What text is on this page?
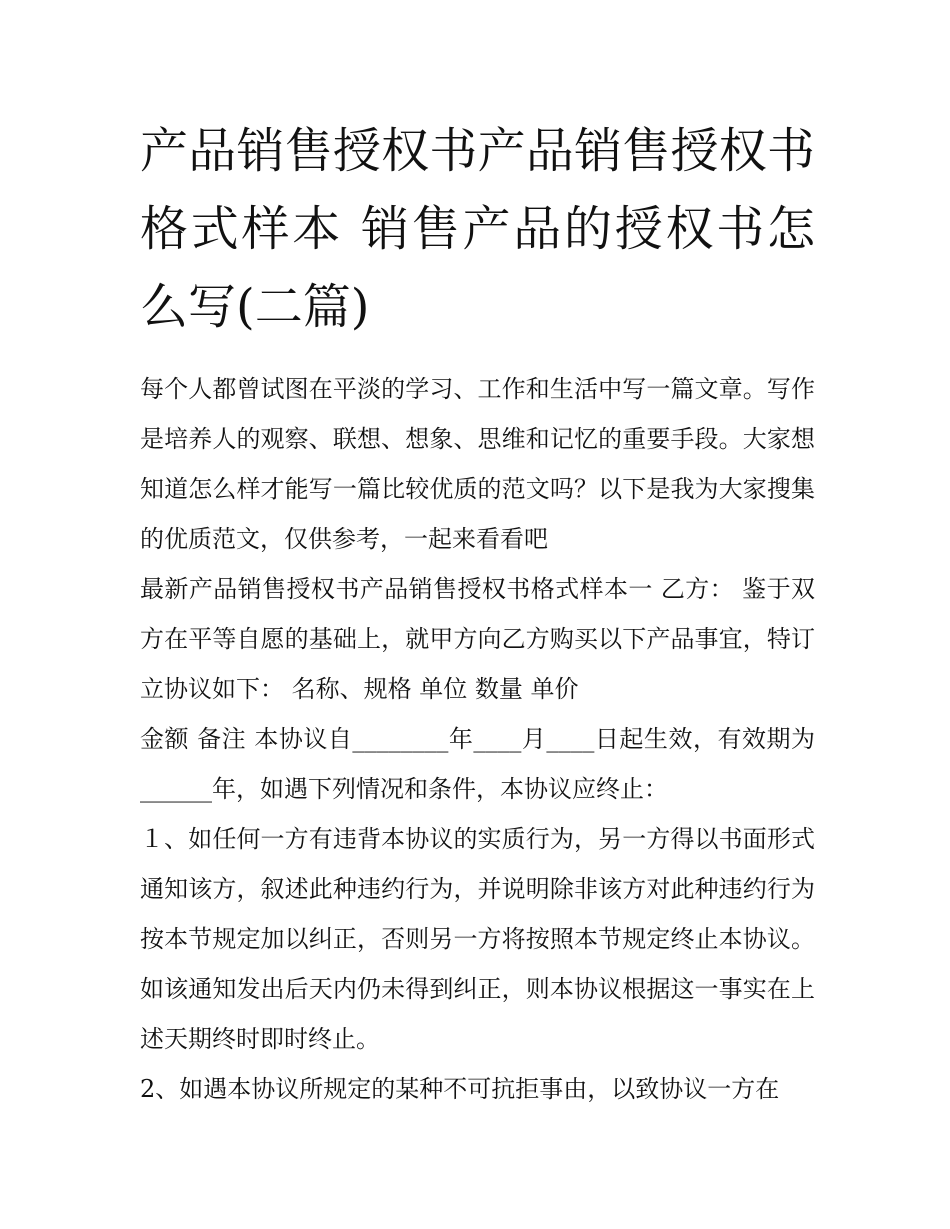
产品销售授权书产品销售授权书格式样本 销售产品的授权书怎么写(二篇)

每个人都曾试图在平淡的学习、工作和生活中写一篇文章。写作是培养人的观察、联想、想象、思维和记忆的重要手段。大家想知道怎么样才能写一篇比较优质的范文吗？以下是我为大家搜集的优质范文，仅供参考，一起来看看吧

最新产品销售授权书产品销售授权书格式样本一 乙方： 鉴于双方在平等自愿的基础上，就甲方向乙方购买以下产品事宜，特订立协议如下： 名称、规格 单位 数量 单价

金额 备注 本协议自________年____月____日起生效，有效期为______年，如遇下列情况和条件，本协议应终止：

１、如任何一方有违背本协议的实质行为，另一方得以书面形式通知该方，叙述此种违约行为，并说明除非该方对此种违约行为按本节规定加以纠正，否则另一方将按照本节规定终止本协议。如该通知发出后天内仍未得到纠正，则本协议根据这一事实在上述天期终时即时终止。

2、如遇本协议所规定的某种不可抗拒事由，以致协议一方在
